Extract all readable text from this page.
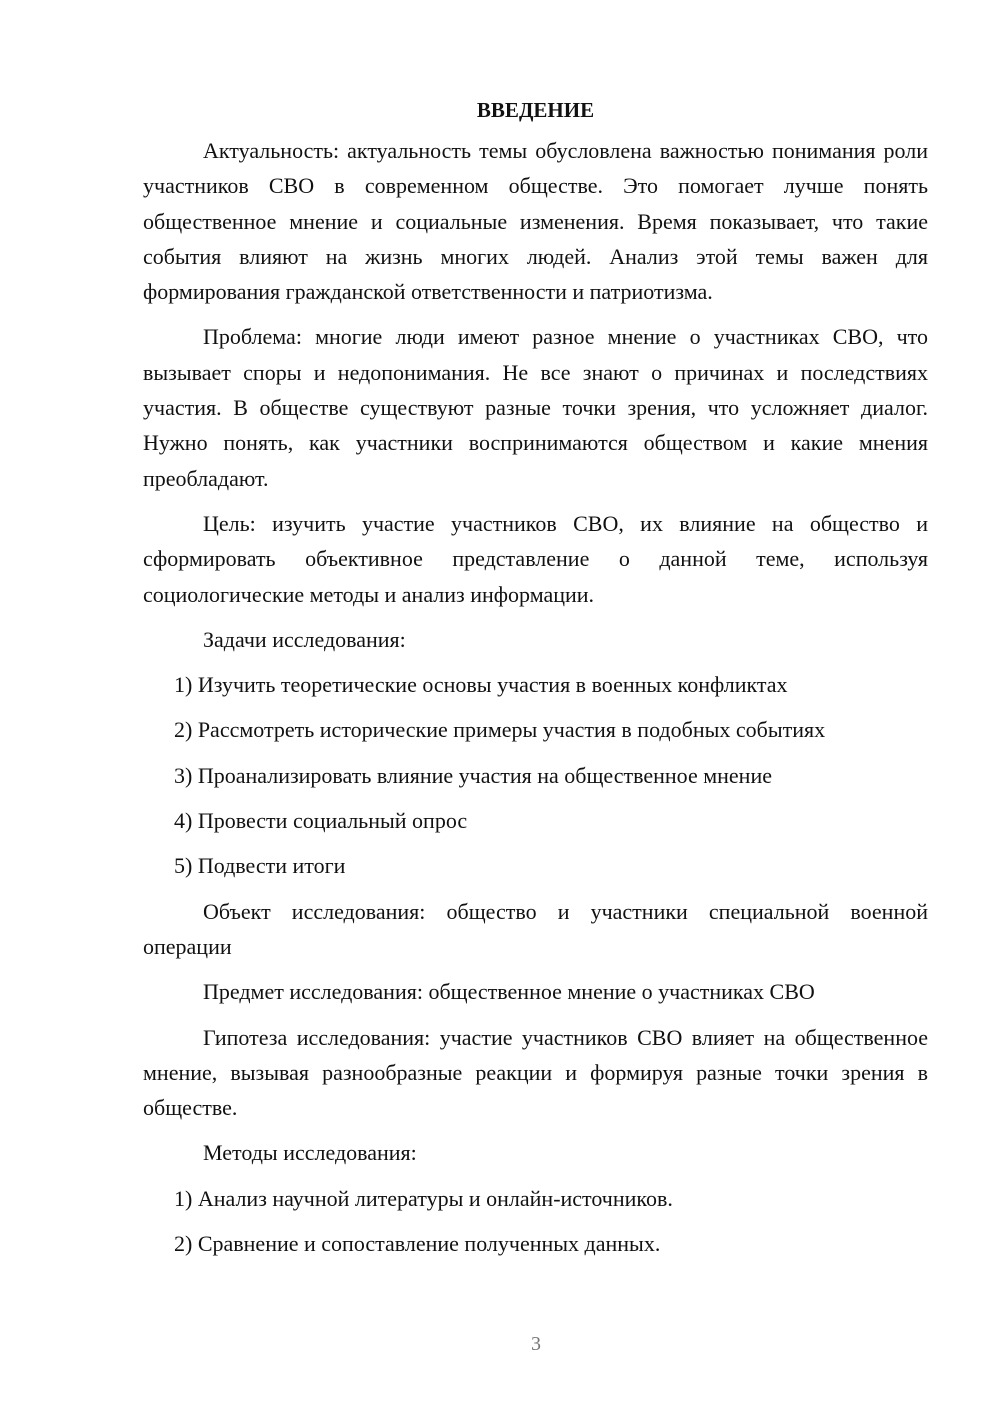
ВВЕДЕНИЕ

Актуальность: актуальность темы обусловлена важностью понимания роли участников СВО в современном обществе. Это помогает лучше понять общественное мнение и социальные изменения. Время показывает, что такие события влияют на жизнь многих людей. Анализ этой темы важен для формирования гражданской ответственности и патриотизма.

Проблема: многие люди имеют разное мнение о участниках СВО, что вызывает споры и недопонимания. Не все знают о причинах и последствиях участия. В обществе существуют разные точки зрения, что усложняет диалог. Нужно понять, как участники воспринимаются обществом и какие мнения преобладают.

Цель: изучить участие участников СВО, их влияние на общество и сформировать объективное представление о данной теме, используя социологические методы и анализ информации.

Задачи исследования:
1) Изучить теоретические основы участия в военных конфликтах
2) Рассмотреть исторические примеры участия в подобных событиях
3) Проанализировать влияние участия на общественное мнение
4) Провести социальный опрос
5) Подвести итоги

Объект исследования: общество и участники специальной военной операции

Предмет исследования: общественное мнение о участниках СВО

Гипотеза исследования: участие участников СВО влияет на общественное мнение, вызывая разнообразные реакции и формируя разные точки зрения в обществе.

Методы исследования:
1) Анализ научной литературы и онлайн-источников.
2) Сравнение и сопоставление полученных данных.
3
